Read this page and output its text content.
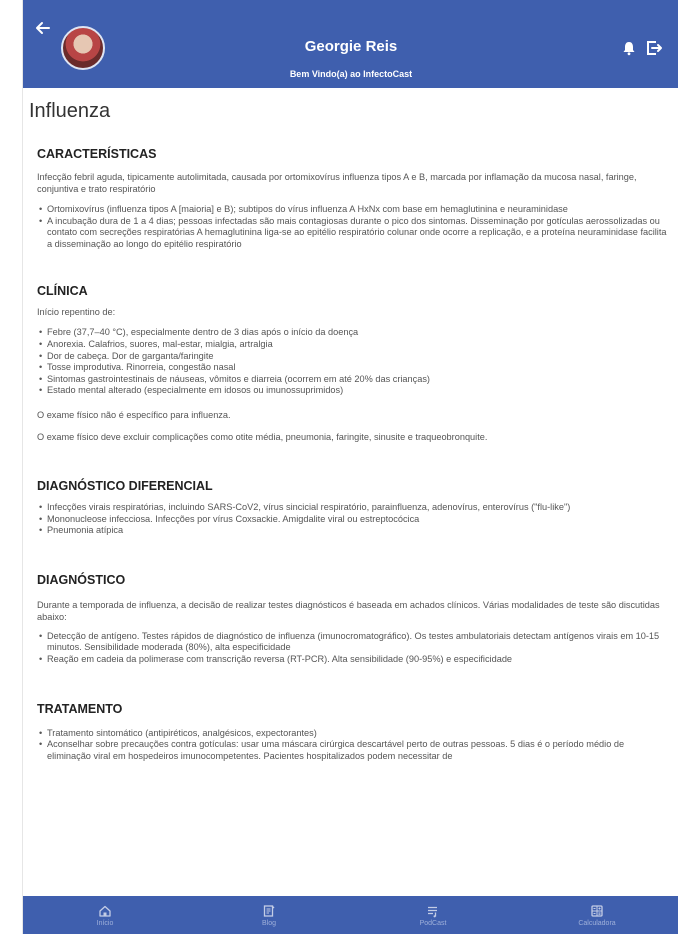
Georgie Reis
Bem Vindo(a) ao InfectoCast
Influenza
CARACTERÍSTICAS

Infecção febril aguda, tipicamente autolimitada, causada por ortomixovírus influenza tipos A e B, marcada por inflamação da mucosa nasal, faringe, conjuntiva e trato respiratório

• Ortomixovírus (influenza tipos A [maioria] e B); subtipos do vírus influenza A HxNx com base em hemaglutinina e neuraminidase
• A incubação dura de 1 a 4 dias; pessoas infectadas são mais contagiosas durante o pico dos sintomas. Disseminação por gotículas aerossolizadas ou contato com secreções respiratórias A hemaglutinina liga-se ao epitélio respiratório colunar onde ocorre a replicação, e a proteína neuraminidase facilita a disseminação ao longo do epitélio respiratório
CLÍNICA

Início repentino de:

• Febre (37,7–40 °C), especialmente dentro de 3 dias após o início da doença
• Anorexia. Calafrios, suores, mal-estar, mialgia, artralgia
• Dor de cabeça. Dor de garganta/faringite
• Tosse improdutiva. Rinorreia, congestão nasal
• Sintomas gastrointestinais de náuseas, vômitos e diarreia (ocorrem em até 20% das crianças)
• Estado mental alterado (especialmente em idosos ou imunossuprimidos)

O exame físico não é específico para influenza.

O exame físico deve excluir complicações como otite média, pneumonia, faringite, sinusite e traqueobronquite.

DIAGNÓSTICO DIFERENCIAL
• Infecções virais respiratórias, incluindo SARS-CoV2, vírus sincicial respiratório, parainfluenza, adenovírus, enterovírus ("flu-like")
• Mononucleose infecciosa. Infecções por vírus Coxsackie. Amigdalite viral ou estreptocócica
• Pneumonia atípica
DIAGNÓSTICO

Durante a temporada de influenza, a decisão de realizar testes diagnósticos é baseada em achados clínicos. Várias modalidades de teste são discutidas abaixo:

• Detecção de antígeno. Testes rápidos de diagnóstico de influenza (imunocromatográfico). Os testes ambulatoriais detectam antígenos virais em 10-15 minutos. Sensibilidade moderada (80%), alta especificidade
• Reação em cadeia da polimerase com transcrição reversa (RT-PCR). Alta sensibilidade (90-95%) e especificidade
TRATAMENTO
• Tratamento sintomático (antipiréticos, analgésicos, expectorantes)
• Aconselhar sobre precauções contra gotículas: usar uma máscara cirúrgica descartável perto de outras pessoas. 5 dias é o período médio de eliminação viral em hospedeiros imunocompetentes. Pacientes hospitalizados podem necessitar de
Início	Blog	PodCast	Calculadora
